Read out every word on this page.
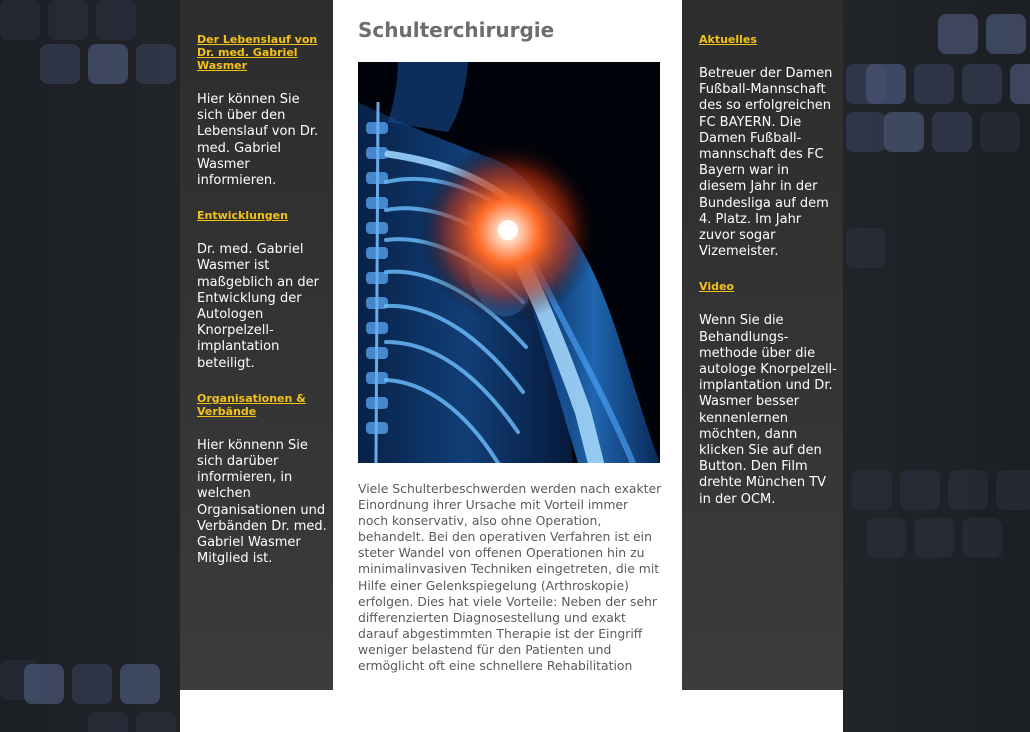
Der Lebenslauf von Dr. med. Gabriel Wasmer

Hier können Sie sich über den Lebenslauf von Dr. med. Gabriel Wasmer informieren.

Entwicklungen

Dr. med. Gabriel Wasmer ist maßgeblich an der Entwicklung der Autologen Knorpelzell-implantation beteiligt.

Organisationen & Verbände

Hier könnenn Sie sich darüber informieren, in welchen Organisationen und Verbänden Dr. med. Gabriel Wasmer Mitglied ist.

Schulterchirurgie

Viele Schulterbeschwerden werden nach exakter Einordnung ihrer Ursache mit Vorteil immer noch konservativ, also ohne Operation, behandelt. Bei den operativen Verfahren ist ein steter Wandel von offenen Operationen hin zu minimalinvasiven Techniken eingetreten, die mit Hilfe einer Gelenkspiegelung (Arthroskopie) erfolgen. Dies hat viele Vorteile: Neben der sehr differenzierten Diagnosestellung und exakt darauf abgestimmten Therapie ist der Eingriff weniger belastend für den Patienten und ermöglicht oft eine schnellere Rehabilitation

Aktuelles

Betreuer der Damen Fußball-Mannschaft des so erfolgreichen FC BAYERN. Die Damen Fußball-mannschaft des FC Bayern war in diesem Jahr in der Bundesliga auf dem 4. Platz. Im Jahr zuvor sogar Vizemeister.

Video

Wenn Sie die Behandlungs-methode über die autologe Knorpelzell-implantation und Dr. Wasmer besser kennenlernen möchten, dann klicken Sie auf den Button. Den Film drehte München TV in der OCM.
